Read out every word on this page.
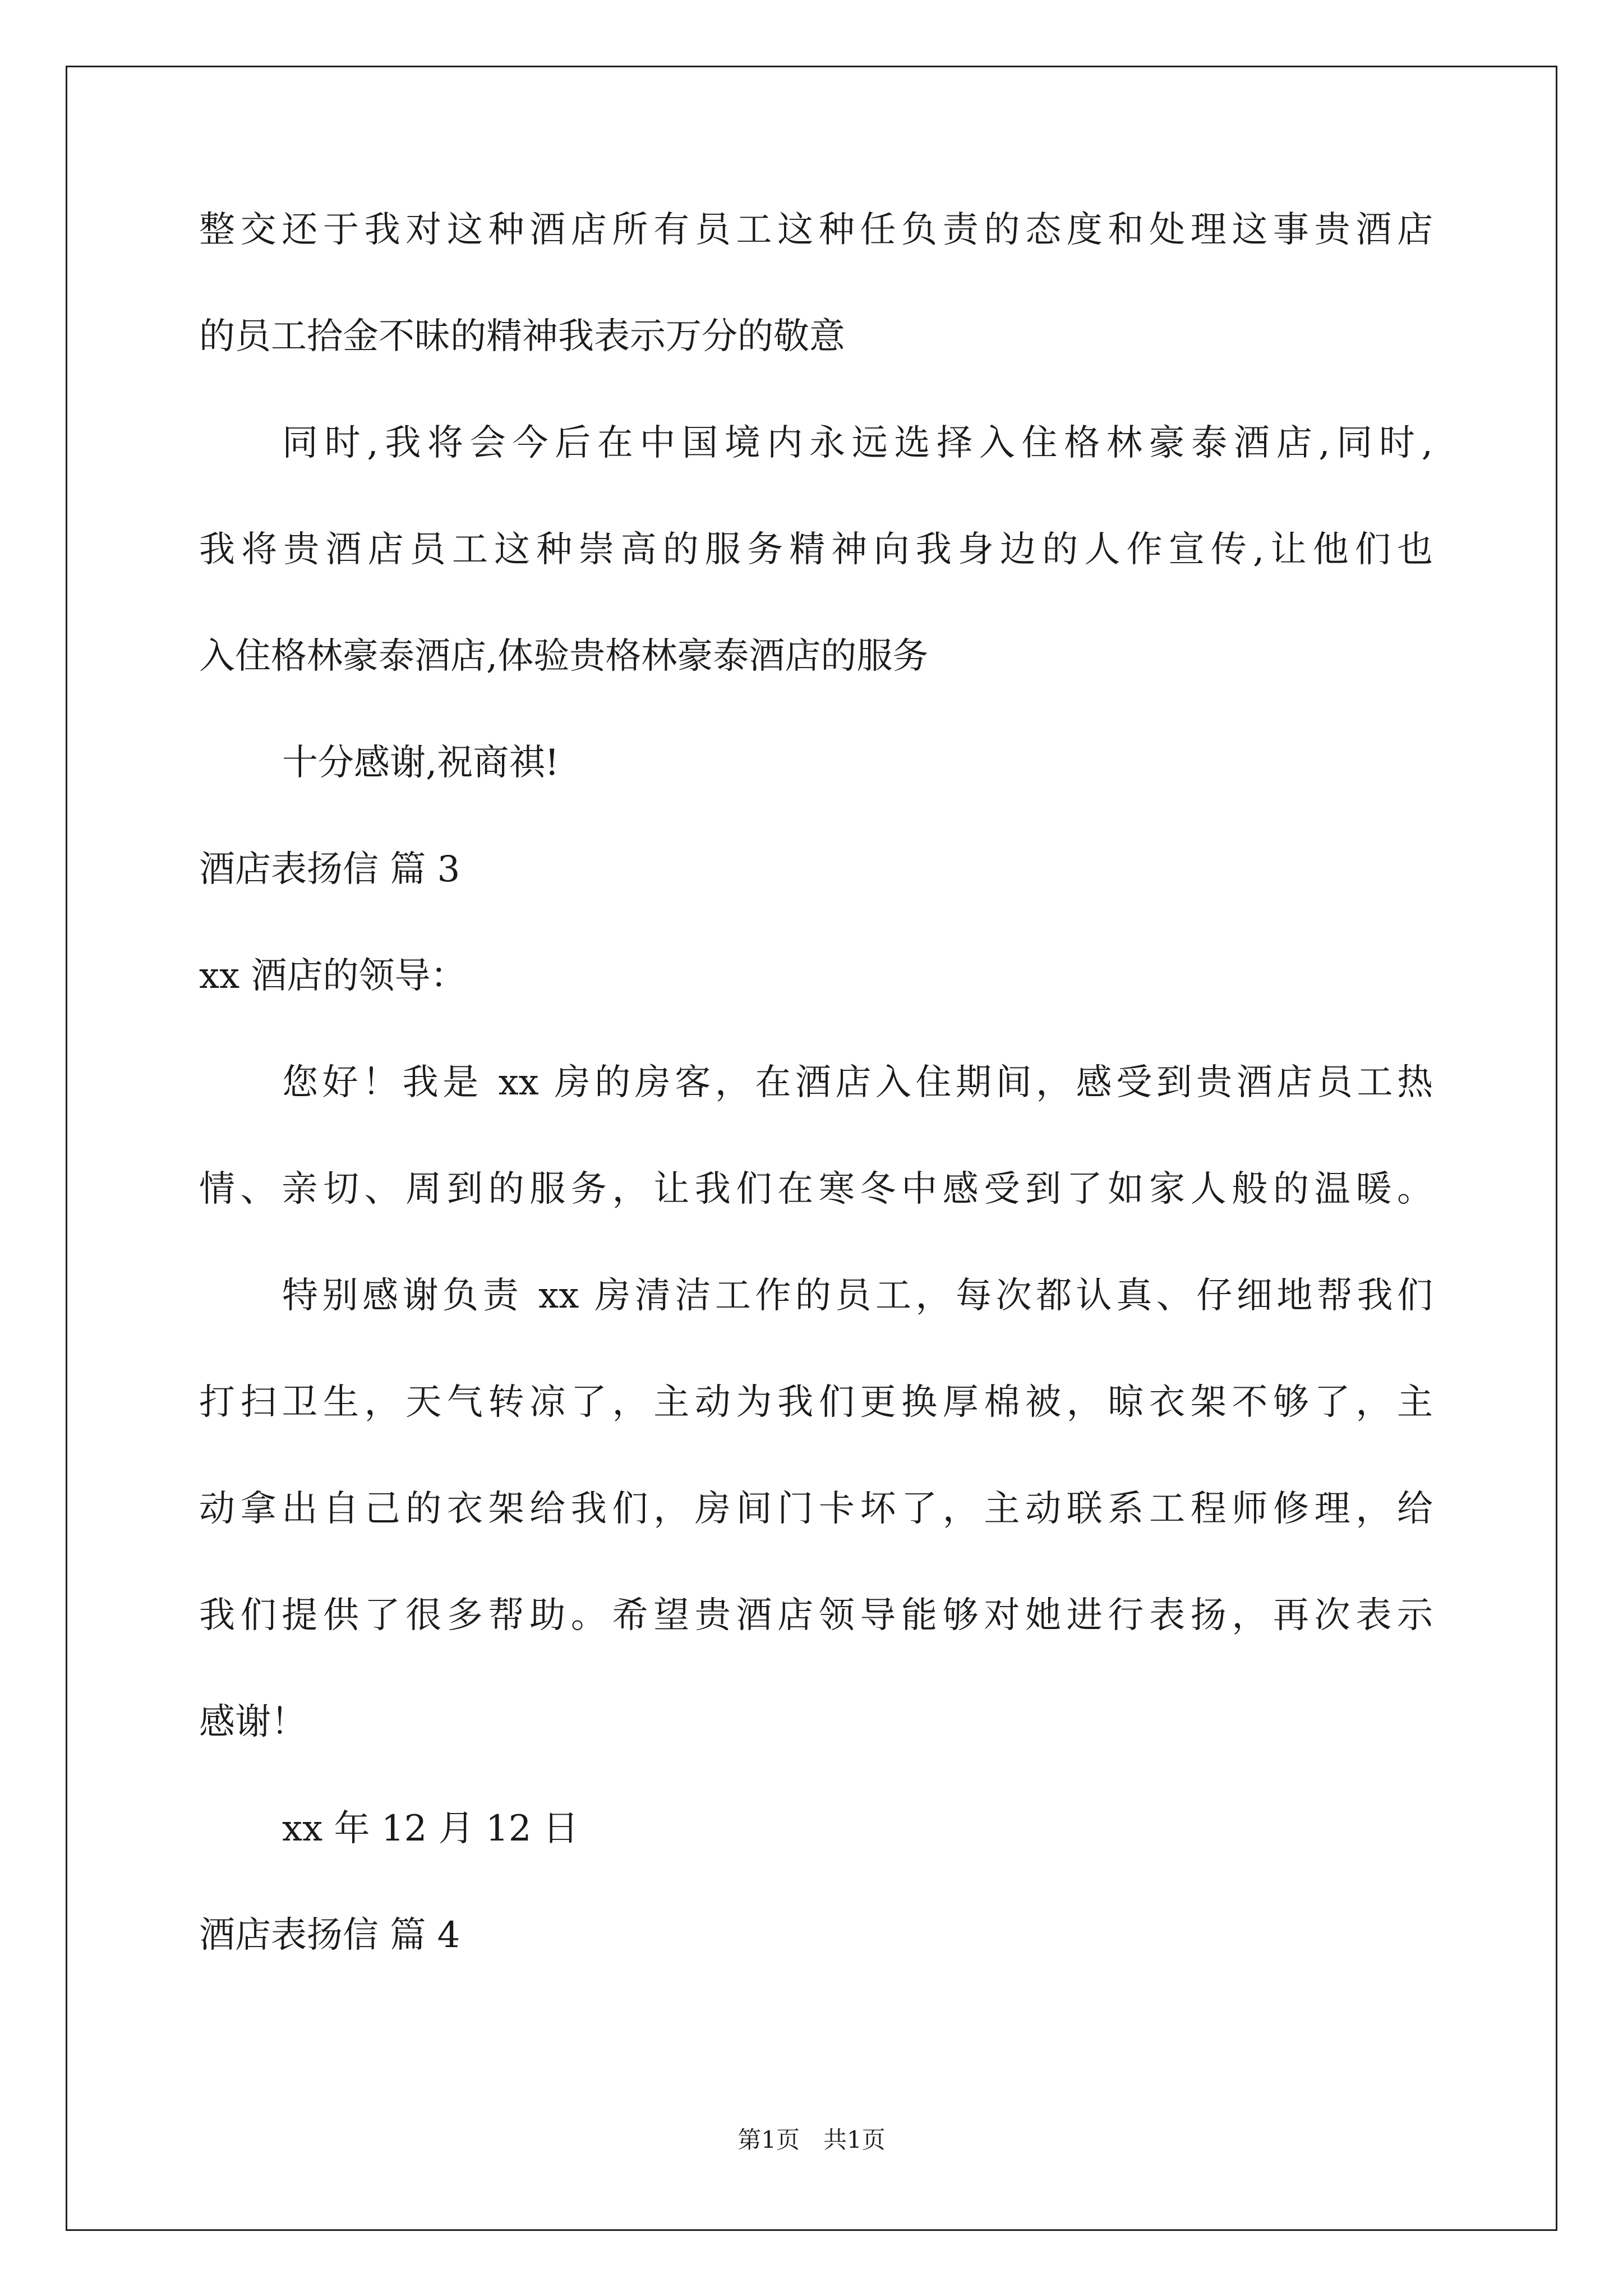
整交还于我对这种酒店所有员工这种任负责的态度和处理这事贵酒店
的员工拾金不昧的精神我表示万分的敬意
同时,我将会今后在中国境内永远选择入住格林豪泰酒店,同时,
我将贵酒店员工这种崇高的服务精神向我身边的人作宣传,让他们也
入住格林豪泰酒店,体验贵格林豪泰酒店的服务
十分感谢,祝商祺!
酒店表扬信 篇 3
xx 酒店的领导：
您好！我是 xx 房的房客，在酒店入住期间，感受到贵酒店员工热
情、亲切、周到的服务，让我们在寒冬中感受到了如家人般的温暖。
特别感谢负责 xx 房清洁工作的员工，每次都认真、仔细地帮我们
打扫卫生，天气转凉了，主动为我们更换厚棉被，晾衣架不够了，主
动拿出自己的衣架给我们，房间门卡坏了，主动联系工程师修理，给
我们提供了很多帮助。希望贵酒店领导能够对她进行表扬，再次表示
感谢！
xx 年 12 月 12 日
酒店表扬信 篇 4
第1页　共1页
